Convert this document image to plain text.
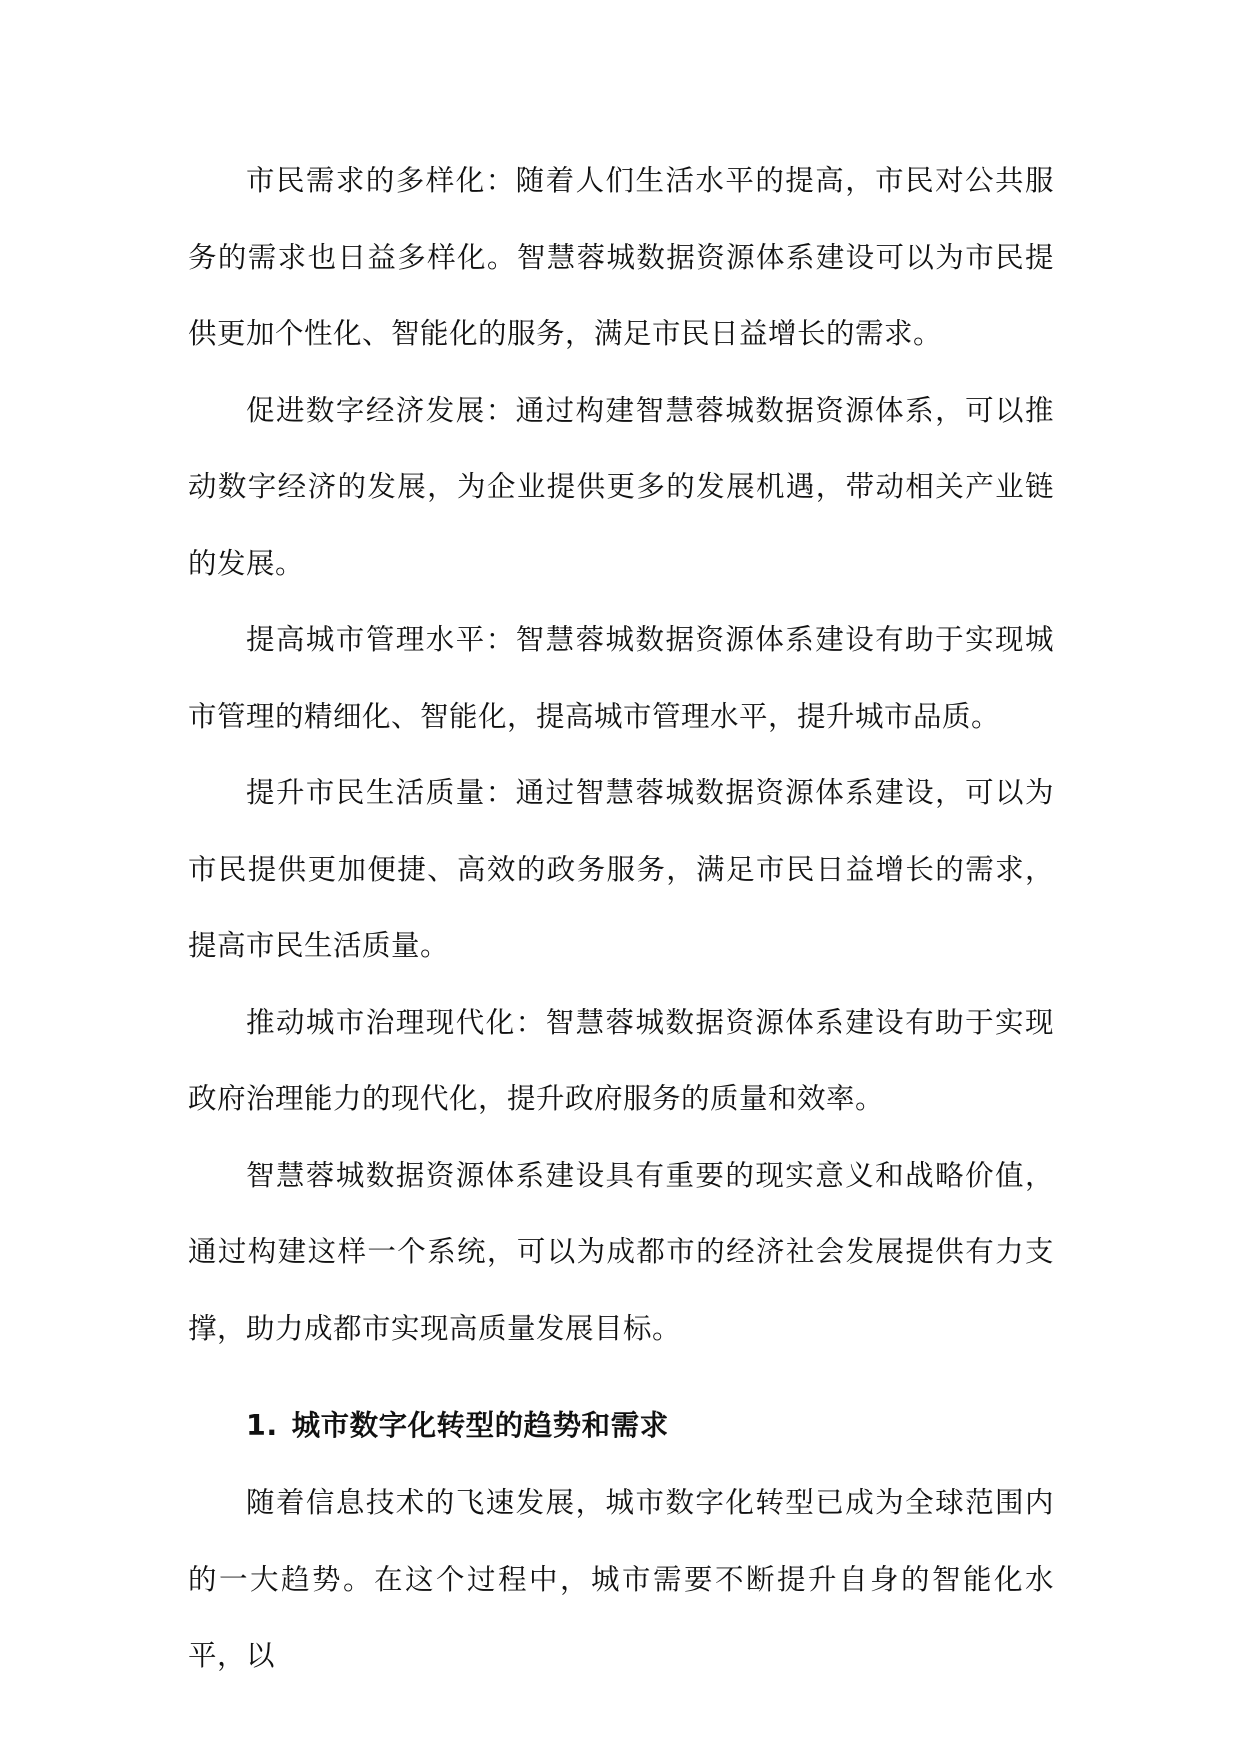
市民需求的多样化：随着人们生活水平的提高，市民对公共服务的需求也日益多样化。智慧蓉城数据资源体系建设可以为市民提供更加个性化、智能化的服务，满足市民日益增长的需求。

促进数字经济发展：通过构建智慧蓉城数据资源体系，可以推动数字经济的发展，为企业提供更多的发展机遇，带动相关产业链的发展。

提高城市管理水平：智慧蓉城数据资源体系建设有助于实现城市管理的精细化、智能化，提高城市管理水平，提升城市品质。

提升市民生活质量：通过智慧蓉城数据资源体系建设，可以为市民提供更加便捷、高效的政务服务，满足市民日益增长的需求，提高市民生活质量。

推动城市治理现代化：智慧蓉城数据资源体系建设有助于实现政府治理能力的现代化，提升政府服务的质量和效率。

智慧蓉城数据资源体系建设具有重要的现实意义和战略价值，通过构建这样一个系统，可以为成都市的经济社会发展提供有力支撑，助力成都市实现高质量发展目标。

1. 城市数字化转型的趋势和需求

随着信息技术的飞速发展，城市数字化转型已成为全球范围内的一大趋势。在这个过程中，城市需要不断提升自身的智能化水平，以
